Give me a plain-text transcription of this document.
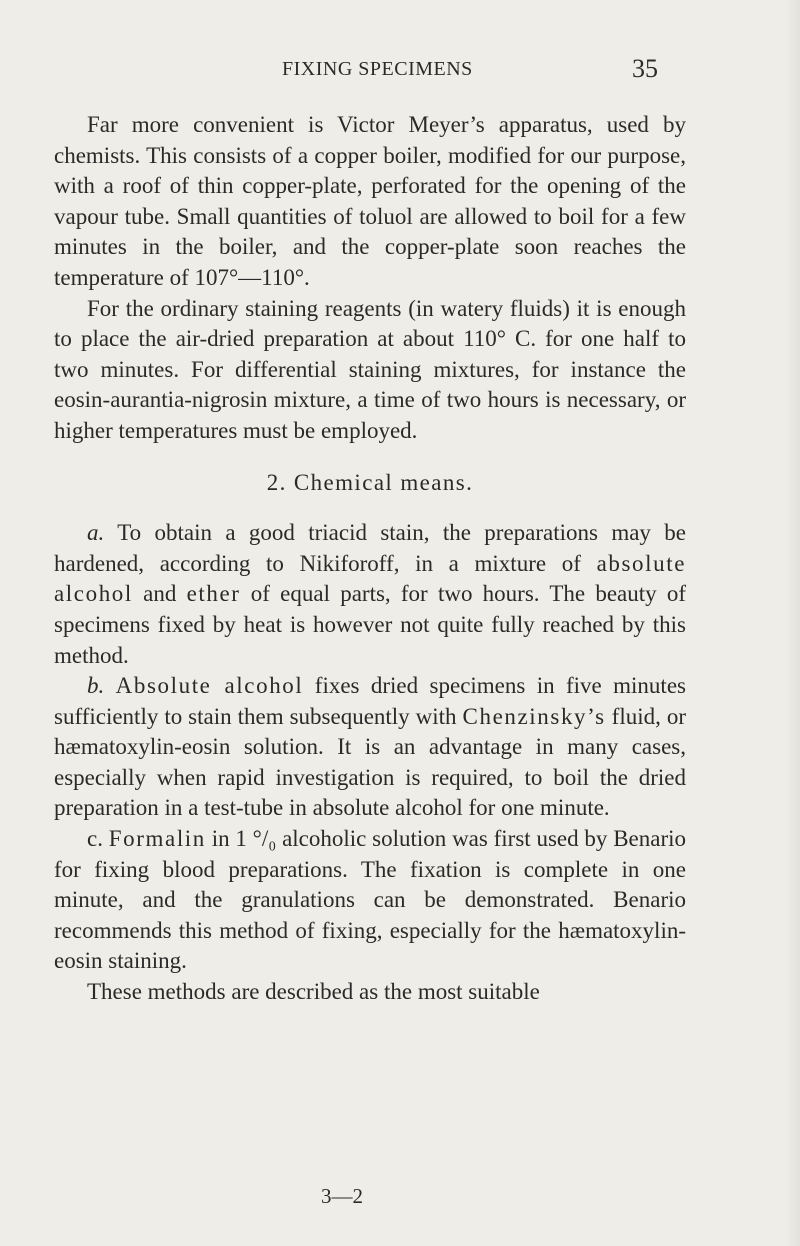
FIXING SPECIMENS	35

Far more convenient is Victor Meyer’s apparatus, used by chemists. This consists of a copper boiler, modified for our purpose, with a roof of thin copper-plate, perforated for the opening of the vapour tube. Small quantities of toluol are allowed to boil for a few minutes in the boiler, and the copper-plate soon reaches the temperature of 107°—110°.

For the ordinary staining reagents (in watery fluids) it is enough to place the air-dried preparation at about 110° C. for one half to two minutes. For differential staining mixtures, for instance the eosin-aurantia-nigrosin mixture, a time of two hours is necessary, or higher temperatures must be employed.

2. Chemical means.

a. To obtain a good triacid stain, the preparations may be hardened, according to Nikiforoff, in a mixture of absolute alcohol and ether of equal parts, for two hours. The beauty of specimens fixed by heat is however not quite fully reached by this method.

b. Absolute alcohol fixes dried specimens in five minutes sufficiently to stain them subsequently with Chenzinsky’s fluid, or hæmatoxylin-eosin solution. It is an advantage in many cases, especially when rapid investigation is required, to boil the dried preparation in a test-tube in absolute alcohol for one minute.

c. Formalin in 1 °/₀ alcoholic solution was first used by Benario for fixing blood preparations. The fixation is complete in one minute, and the granulations can be demonstrated. Benario recommends this method of fixing, especially for the hæmatoxylin-eosin staining.

These methods are described as the most suitable

3—2
